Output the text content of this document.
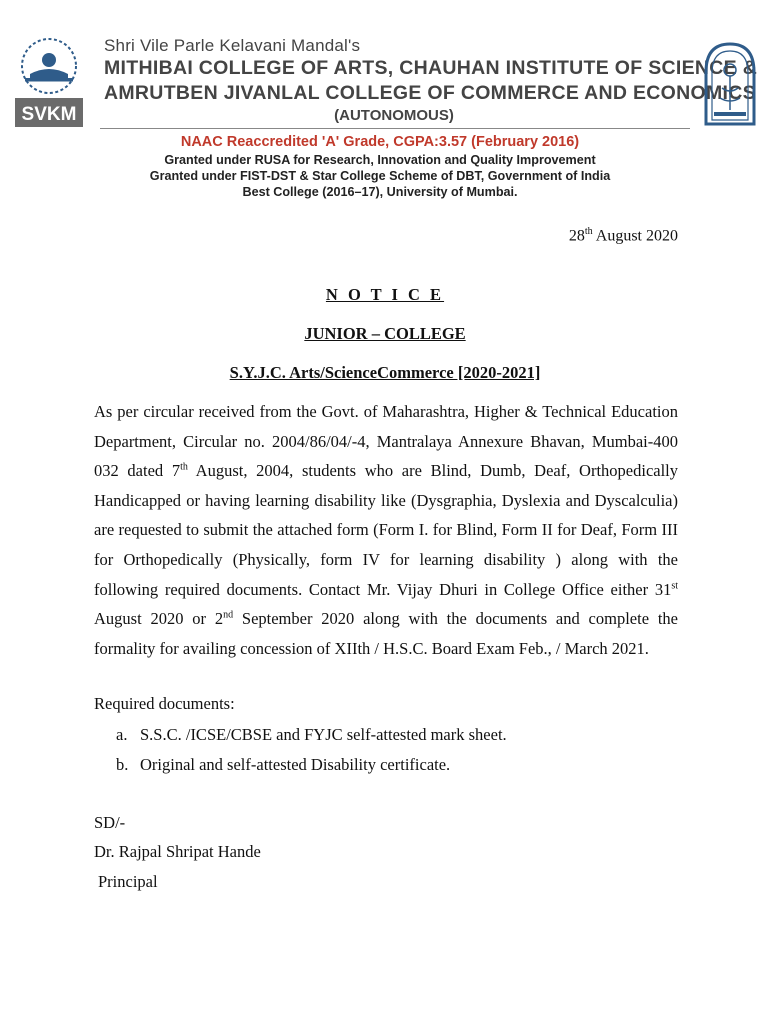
SVKM
Shri Vile Parle Kelavani Mandal's
MITHIBAI COLLEGE OF ARTS, CHAUHAN INSTITUTE OF SCIENCE &
AMRUTBEN JIVANLAL COLLEGE OF COMMERCE AND ECONOMICS
(AUTONOMOUS)
NAAC Reaccredited 'A' Grade, CGPA:3.57 (February 2016)
Granted under RUSA for Research, Innovation and Quality Improvement
Granted under FIST-DST & Star College Scheme of DBT, Government of India
Best College (2016–17), University of Mumbai.
28th August 2020
N O T I C E
JUNIOR – COLLEGE
S.Y.J.C. Arts/ScienceCommerce [2020-2021]
As per circular received from the Govt. of Maharashtra, Higher & Technical Education Department, Circular no. 2004/86/04/-4, Mantralaya Annexure Bhavan, Mumbai-400 032 dated 7th August, 2004, students who are Blind, Dumb, Deaf, Orthopedically Handicapped or having learning disability like (Dysgraphia, Dyslexia and Dyscalculia) are requested to submit the attached form (Form I. for Blind, Form II for Deaf, Form III for Orthopedically (Physically, form IV for learning disability ) along with the following required documents. Contact Mr. Vijay Dhuri in College Office either 31st August 2020 or 2nd September 2020 along with the documents and complete the formality for availing concession of XIIth / H.S.C. Board Exam Feb., / March 2021.
Required documents:
a. S.S.C. /ICSE/CBSE and FYJC self-attested mark sheet.
b. Original and self-attested Disability certificate.
SD/-
Dr. Rajpal Shripat Hande
Principal
